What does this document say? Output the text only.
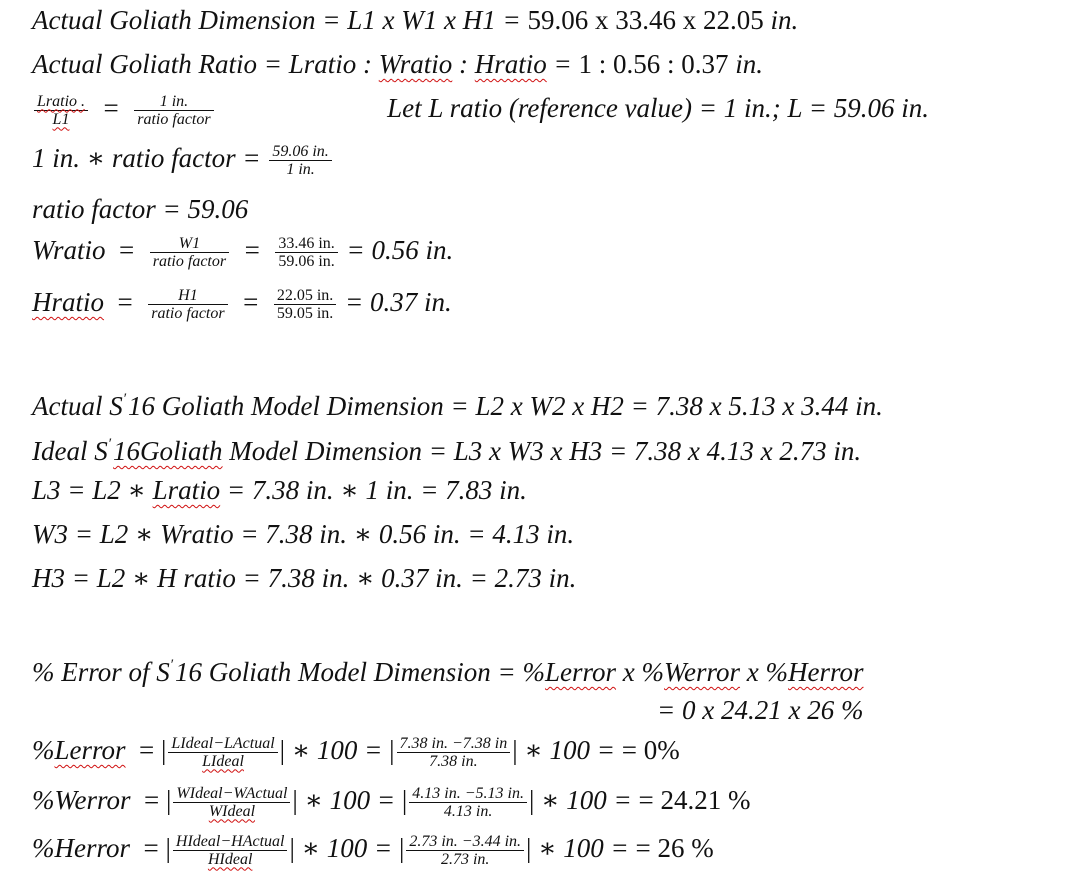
Actual Goliath Dimension = L1 x W1 x H1 = 59.06 x 33.46 x 22.05 in.
Actual Goliath Ratio = Lratio : Wratio : Hratio = 1 : 0.56 : 0.37 in.
$\frac{\text{Lratio .}}{L1} = \frac{1 in.}{\text{ratio factor}}$	Let L ratio (reference value) = 1 in.; L = 59.06 in.
1 in. ∗ ratio factor = $\frac{59.06 in.}{1 in.}$
ratio factor = 59.06
Wratio  = $\frac{W1}{\text{ratio factor}} = \frac{33.46 in.}{59.06 in.} = 0.56$ in.
Hratio  = $\frac{H1}{\text{ratio factor}} = \frac{22.05 in.}{59.05 in.} = 0.37$ in.
Actual S′16 Goliath Model Dimension = L2 x W2 x H2 = 7.38 x 5.13 x 3.44 in.
Ideal S′16Goliath Model Dimension = L3 x W3 x H3 = 7.38 x 4.13 x 2.73 in.
L3 = L2 ∗ Lratio = 7.38 in. ∗ 1 in. = 7.83 in.
W3 = L2 ∗ Wratio = 7.38 in. ∗ 0.56 in. = 4.13 in.
H3 = L2 ∗ H ratio = 7.38 in. ∗ 0.37 in. = 2.73 in.
% Error of S′16 Goliath Model Dimension = %Lerror x %Werror x %Herror
= 0 x 24.21 x 26 %
%Lerror  = | $\frac{\text{LIdeal−LActual}}{\text{LIdeal}}$ | ∗ 100 = | $\frac{7.38 in. -7.38 in}{7.38 in.}$ | ∗ 100 = = 0%
%Werror  = | $\frac{\text{WIdeal−WActual}}{\text{WIdeal}}$ | ∗ 100 = | $\frac{4.13 in. -5.13 in.}{4.13 in.}$ | ∗ 100 = = 24.21 %
%Herror  = | $\frac{\text{HIdeal−HActual}}{\text{HIdeal}}$ | ∗ 100 = | $\frac{2.73 in. -3.44 in.}{2.73 in.}$ | ∗ 100 = = 26 %
